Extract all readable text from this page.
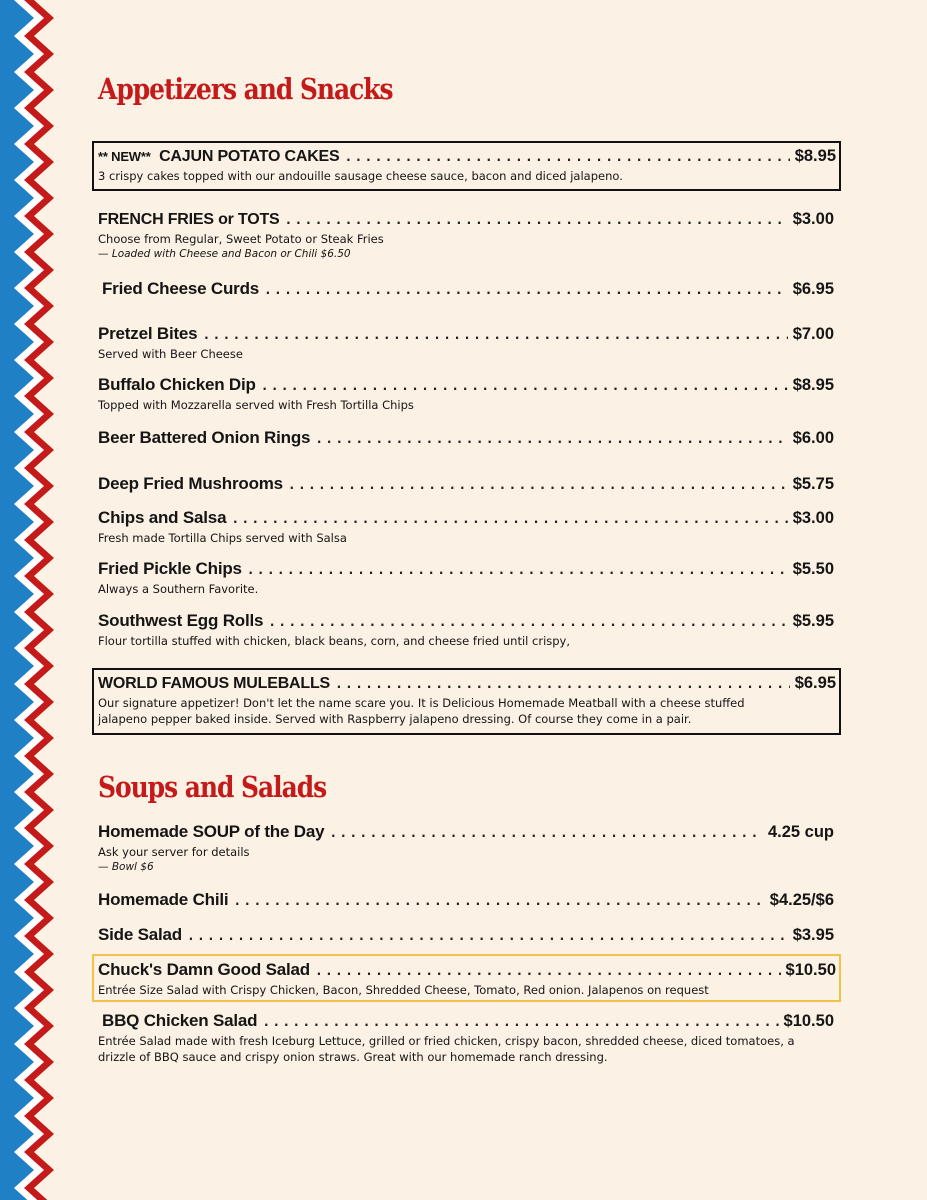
Appetizers and Snacks
** NEW** CAJUN POTATO CAKES .....	$8.95
3 crispy cakes topped with our andouille sausage cheese sauce, bacon and diced jalapeno.
FRENCH FRIES or TOTS .....	$3.00
Choose from Regular, Sweet Potato or Steak Fries
— Loaded with Cheese and Bacon or Chili $6.50
Fried Cheese Curds .....	$6.95
Pretzel Bites .....	$7.00
Served with Beer Cheese
Buffalo Chicken Dip .....	$8.95
Topped with Mozzarella served with Fresh Tortilla Chips
Beer Battered Onion Rings .....	$6.00
Deep Fried Mushrooms .....	$5.75
Chips and Salsa .....	$3.00
Fresh made Tortilla Chips served with Salsa
Fried Pickle Chips .....	$5.50
Always a Southern Favorite.
Southwest Egg Rolls .....	$5.95
Flour tortilla stuffed with chicken, black beans, corn, and cheese fried until crispy,
WORLD FAMOUS MULEBALLS .....	$6.95
Our signature appetizer! Don't let the name scare you. It is Delicious Homemade Meatball with a cheese stuffed jalapeno pepper baked inside. Served with Raspberry jalapeno dressing. Of course they come in a pair.
Soups and Salads
Homemade SOUP of the Day .....	4.25 cup
Ask your server for details
— Bowl $6
Homemade Chili .....	$4.25/$6
Side Salad .....	$3.95
Chuck's Damn Good Salad .....	$10.50
Entrée Size Salad with Crispy Chicken, Bacon, Shredded Cheese, Tomato, Red onion. Jalapenos on request
BBQ Chicken Salad .....	$10.50
Entrée Salad made with fresh Iceburg Lettuce, grilled or fried chicken, crispy bacon, shredded cheese, diced tomatoes, a drizzle of BBQ sauce and crispy onion straws. Great with our homemade ranch dressing.
